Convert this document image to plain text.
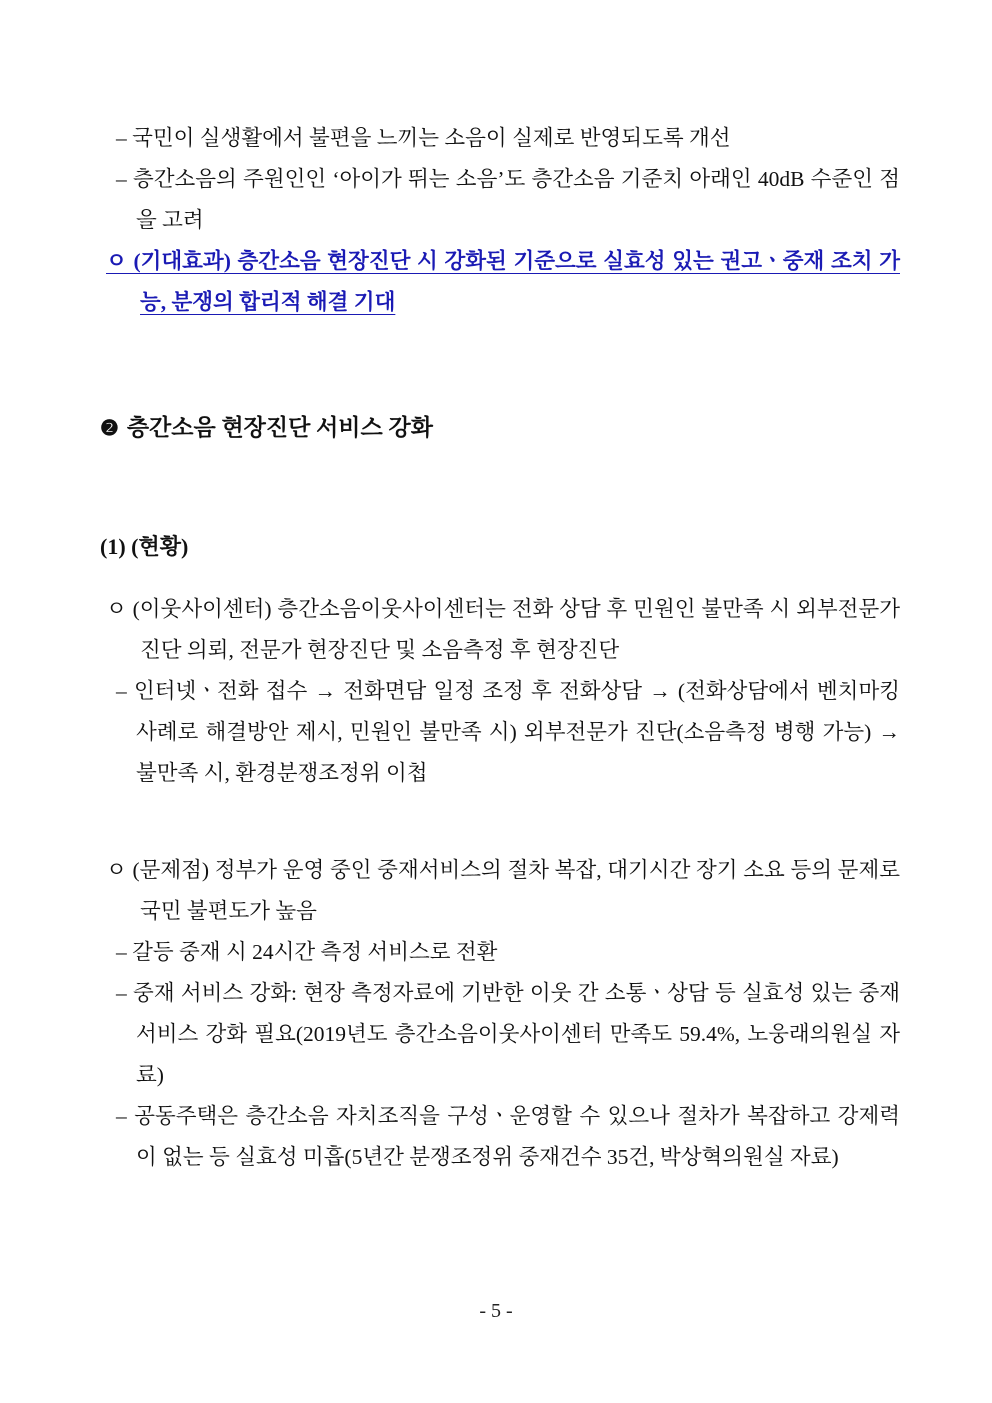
– 국민이 실생활에서 불편을 느끼는 소음이 실제로 반영되도록 개선

– 층간소음의 주원인인 ‘아이가 뛰는 소음’도 층간소음 기준치 아래인 40dB 수준인 점을 고려

ㅇ (기대효과) 층간소음 현장진단 시 강화된 기준으로 실효성 있는 권고ㆍ중재 조치 가능, 분쟁의 합리적 해결 기대

❷ 층간소음 현장진단 서비스 강화

(1) (현황)

ㅇ (이웃사이센터) 층간소음이웃사이센터는 전화 상담 후 민원인 불만족 시 외부전문가 진단 의뢰, 전문가 현장진단 및 소음측정 후 현장진단

– 인터넷ㆍ전화 접수 → 전화면담 일정 조정 후 전화상담 → (전화상담에서 벤치마킹 사례로 해결방안 제시, 민원인 불만족 시) 외부전문가 진단(소음측정 병행 가능) → 불만족 시, 환경분쟁조정위 이첩

ㅇ (문제점) 정부가 운영 중인 중재서비스의 절차 복잡, 대기시간 장기 소요 등의 문제로 국민 불편도가 높음

– 갈등 중재 시 24시간 측정 서비스로 전환

– 중재 서비스 강화: 현장 측정자료에 기반한 이웃 간 소통ㆍ상담 등 실효성 있는 중재서비스 강화 필요(2019년도 층간소음이웃사이센터 만족도 59.4%, 노웅래의원실 자료)

– 공동주택은 층간소음 자치조직을 구성ㆍ운영할 수 있으나 절차가 복잡하고 강제력이 없는 등 실효성 미흡(5년간 분쟁조정위 중재건수 35건, 박상혁의원실 자료)

- 5 -
